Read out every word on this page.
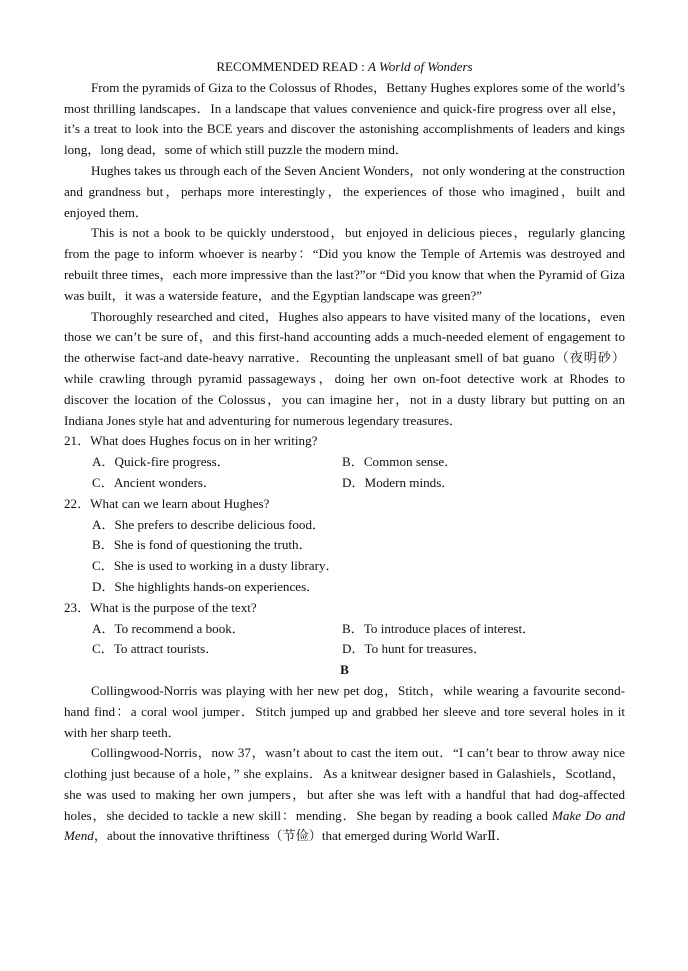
RECOMMENDED READ : A World of Wonders

From the pyramids of Giza to the Colossus of Rhodes，Bettany Hughes explores some of the world’s most thrilling landscapes．In a landscape that values convenience and quick-fire progress over all else，it’s a treat to look into the BCE years and discover the astonishing accomplishments of leaders and kings long，long dead，some of which still puzzle the modern mind．

Hughes takes us through each of the Seven Ancient Wonders，not only wondering at the construction and grandness but，perhaps more interestingly，the experiences of those who imagined，built and enjoyed them．

This is not a book to be quickly understood，but enjoyed in delicious pieces，regularly glancing from the page to inform whoever is nearby：“Did you know the Temple of Artemis was destroyed and rebuilt three times，each more impressive than the last?”or “Did you know that when the Pyramid of Giza was built，it was a waterside feature，and the Egyptian landscape was green?”

Thoroughly researched and cited，Hughes also appears to have visited many of the locations，even those we can’t be sure of，and this first-hand accounting adds a much-needed element of engagement to the otherwise fact-and date-heavy narrative．Recounting the unpleasant smell of bat guano（夜明砂）while crawling through pyramid passageways，doing her own on-foot detective work at Rhodes to discover the location of the Colossus，you can imagine her，not in a dusty library but putting on an Indiana Jones style hat and adventuring for numerous legendary treasures．

21．What does Hughes focus on in her writing?

A．Quick-fire progress．	B．Common sense．
C．Ancient wonders．	D．Modern minds．

22．What can we learn about Hughes?

A．She prefers to describe delicious food．

B．She is fond of questioning the truth．

C．She is used to working in a dusty library．

D．She highlights hands-on experiences．

23．What is the purpose of the text?

A．To recommend a book．	B．To introduce places of interest．
C．To attract tourists．	D．To hunt for treasures．

B

Collingwood-Norris was playing with her new pet dog，Stitch，while wearing a favourite second-hand find：a coral wool jumper．Stitch jumped up and grabbed her sleeve and tore several holes in it with her sharp teeth．

Collingwood-Norris，now 37，wasn’t about to cast the item out．“I can’t bear to throw away nice clothing just because of a hole，” she explains．As a knitwear designer based in Galashiels，Scotland，she was used to making her own jumpers，but after she was left with a handful that had dog-affected holes，she decided to tackle a new skill：mending．She began by reading a book called Make Do and Mend，about the innovative thriftiness（节俭）that emerged during World WarⅡ．
